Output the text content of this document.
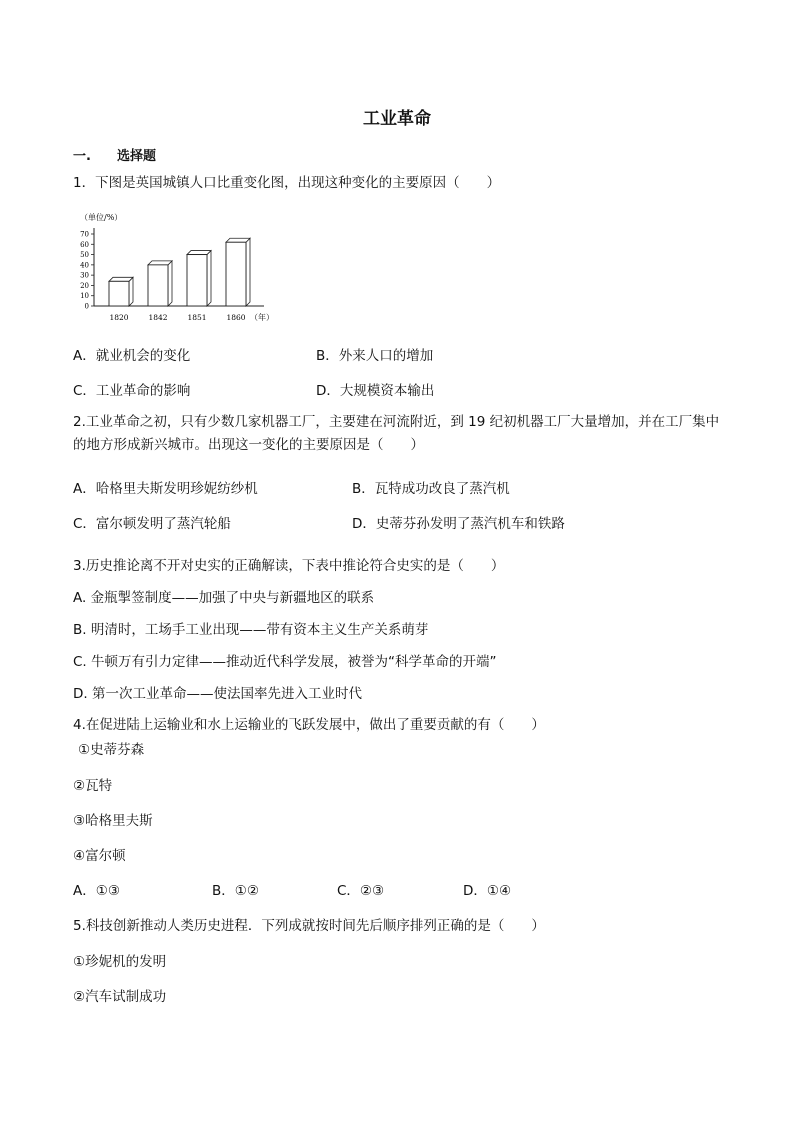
工业革命
一.　　选择题
1．下图是英国城镇人口比重变化图，出现这种变化的主要原因（　　）
（单位/%）
（年）
0
10
20
30
40
50
60
70
1820	1842	1851	1860
A．就业机会的变化	B．外来人口的增加
C．工业革命的影响	D．大规模资本输出
2.工业革命之初，只有少数几家机器工厂，主要建在河流附近，到 19 纪初机器工厂大量增加，并在工厂集中的地方形成新兴城市。出现这一变化的主要原因是（　　）
A．哈格里夫斯发明珍妮纺纱机	B．瓦特成功改良了蒸汽机
C．富尔顿发明了蒸汽轮船	D．史蒂芬孙发明了蒸汽机车和铁路
3.历史推论离不开对史实的正确解读，下表中推论符合史实的是（　　）
A. 金瓶掣签制度——加强了中央与新疆地区的联系
B. 明清时，工场手工业出现——带有资本主义生产关系萌芽
C. 牛顿万有引力定律——推动近代科学发展，被誉为“科学革命的开端”
D. 第一次工业革命——使法国率先进入工业时代
4.在促进陆上运输业和水上运输业的飞跃发展中，做出了重要贡献的有（　　）
①史蒂芬森
②瓦特
③哈格里夫斯
④富尔顿
A．①③	B．①②	C．②③	D．①④
5.科技创新推动人类历史进程．下列成就按时间先后顺序排列正确的是（　　）
①珍妮机的发明
②汽车试制成功
